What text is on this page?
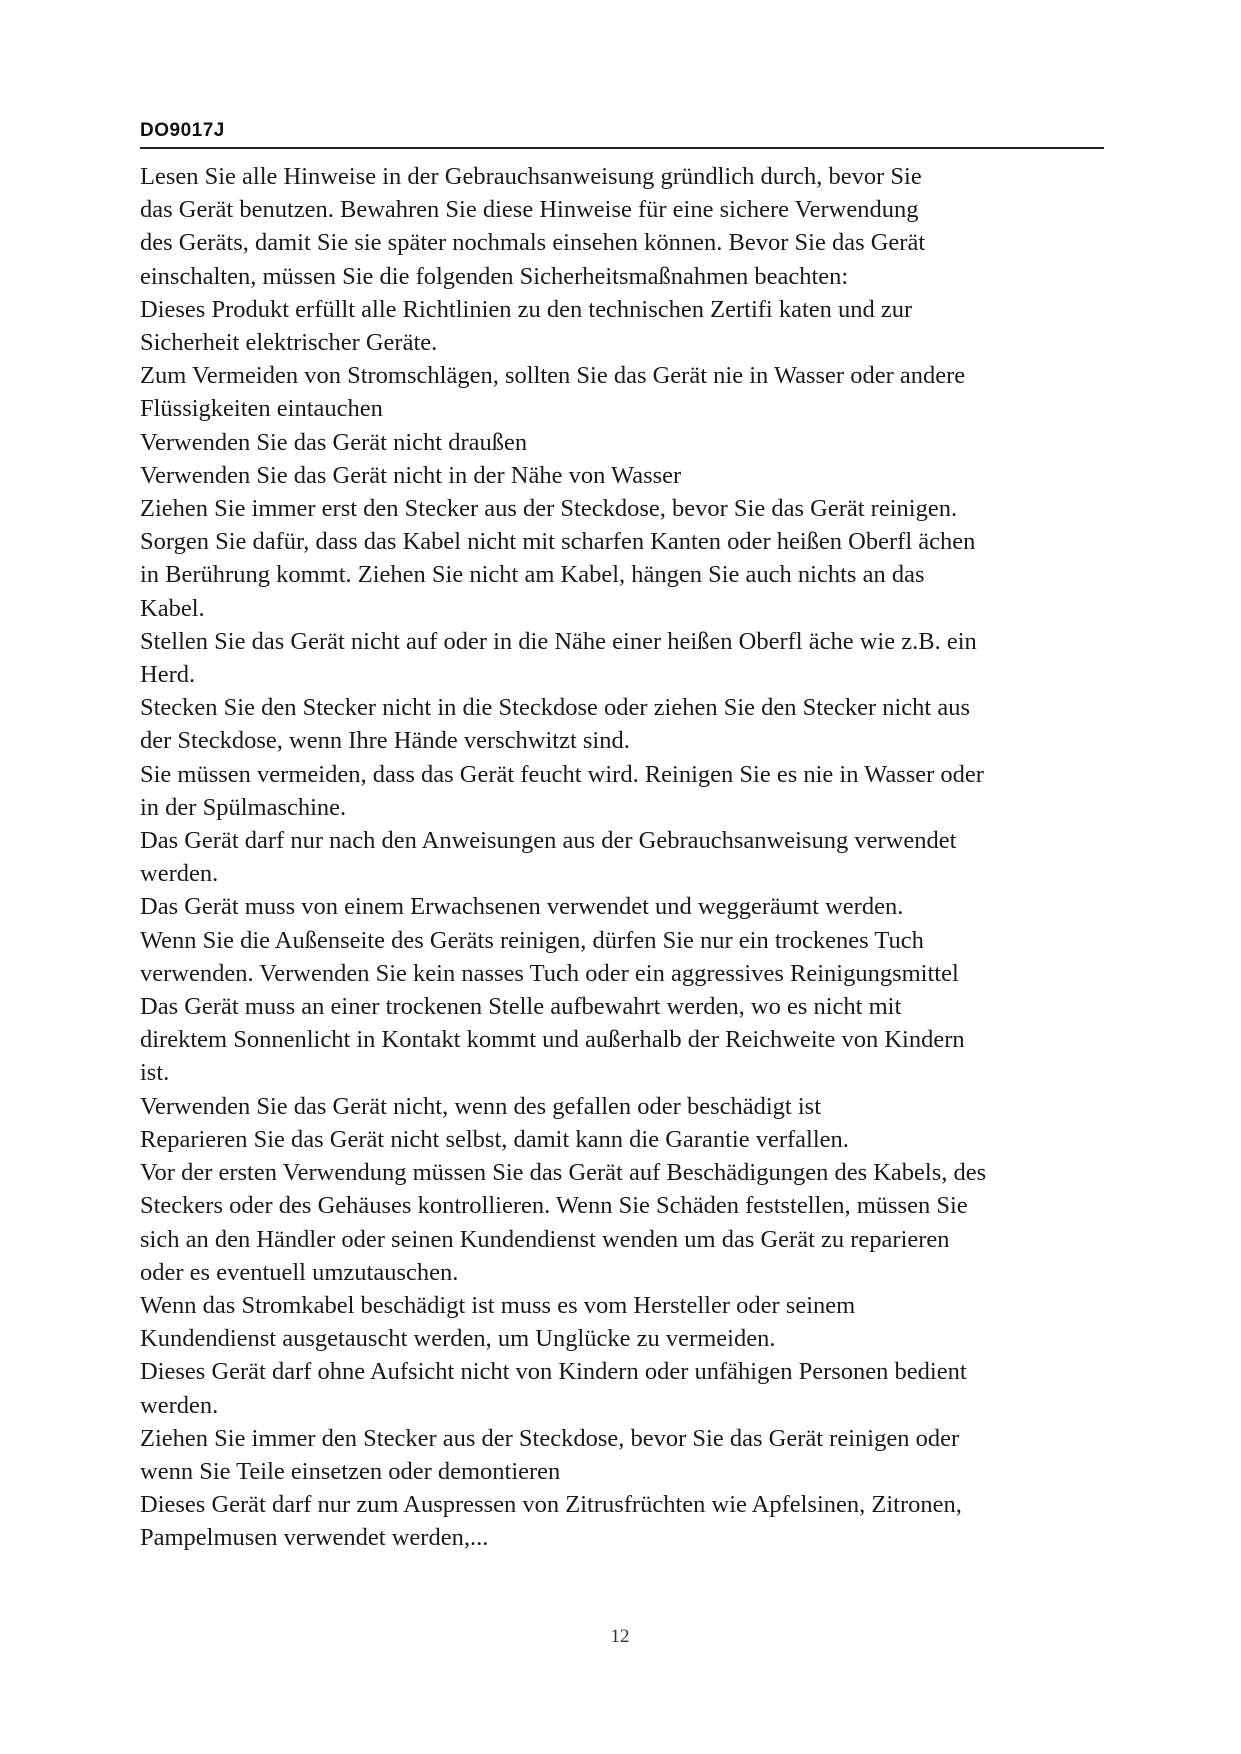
DO9017J
Lesen Sie alle Hinweise in der Gebrauchsanweisung gründlich durch, bevor Sie
das Gerät benutzen. Bewahren Sie diese Hinweise für eine sichere Verwendung
des Geräts, damit Sie sie später nochmals einsehen können. Bevor Sie das Gerät
einschalten, müssen Sie die folgenden Sicherheitsmaßnahmen beachten:
Dieses Produkt erfüllt alle Richtlinien zu den technischen Zertifi katen und zur
Sicherheit elektrischer Geräte.
Zum Vermeiden von Stromschlägen, sollten Sie das Gerät nie in Wasser oder andere
Flüssigkeiten eintauchen
Verwenden Sie das Gerät nicht draußen
Verwenden Sie das Gerät nicht in der Nähe von Wasser
Ziehen Sie immer erst den Stecker aus der Steckdose, bevor Sie das Gerät reinigen.
Sorgen Sie dafür, dass das Kabel nicht mit scharfen Kanten oder heißen Oberfl ächen
in Berührung kommt. Ziehen Sie nicht am Kabel, hängen Sie auch nichts an das
Kabel.
Stellen Sie das Gerät nicht auf oder in die Nähe einer heißen Oberfl äche wie z.B. ein
Herd.
Stecken Sie den Stecker nicht in die Steckdose oder ziehen Sie den Stecker nicht aus
der Steckdose, wenn Ihre Hände verschwitzt sind.
Sie müssen vermeiden, dass das Gerät feucht wird. Reinigen Sie es nie in Wasser oder
in der Spülmaschine.
Das Gerät darf nur nach den Anweisungen aus der Gebrauchsanweisung verwendet
werden.
Das Gerät muss von einem Erwachsenen verwendet und weggeräumt werden.
Wenn Sie die Außenseite des Geräts reinigen, dürfen Sie nur ein trockenes Tuch
verwenden. Verwenden Sie kein nasses Tuch oder ein aggressives Reinigungsmittel
Das Gerät muss an einer trockenen Stelle aufbewahrt werden, wo es nicht mit
direktem Sonnenlicht in Kontakt kommt und außerhalb der Reichweite von Kindern
ist.
Verwenden Sie das Gerät nicht, wenn des gefallen oder beschädigt ist
Reparieren Sie das Gerät nicht selbst, damit kann die Garantie verfallen.
Vor der ersten Verwendung müssen Sie das Gerät auf Beschädigungen des Kabels, des
Steckers oder des Gehäuses kontrollieren. Wenn Sie Schäden feststellen, müssen Sie
sich an den Händler oder seinen Kundendienst wenden um das Gerät zu reparieren
oder es eventuell umzutauschen.
Wenn das Stromkabel beschädigt ist muss es vom Hersteller oder seinem
Kundendienst ausgetauscht werden, um Unglücke zu vermeiden.
Dieses Gerät darf ohne Aufsicht nicht von Kindern oder unfähigen Personen bedient
werden.
Ziehen Sie immer den Stecker aus der Steckdose, bevor Sie das Gerät reinigen oder
wenn Sie Teile einsetzen oder demontieren
Dieses Gerät darf nur zum Auspressen von Zitrusfrüchten wie Apfelsinen, Zitronen,
Pampelmusen verwendet werden,...
12
